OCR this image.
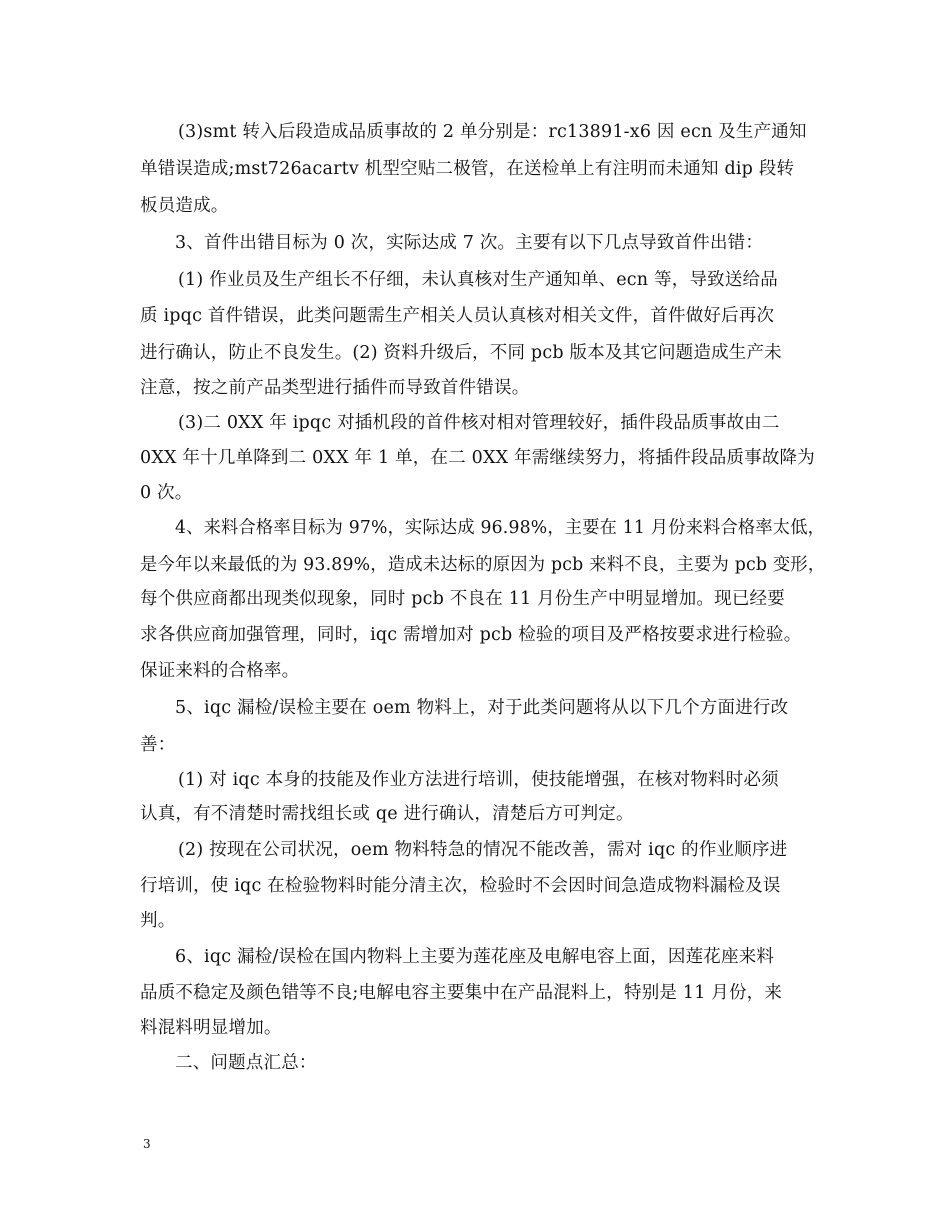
(3)smt 转入后段造成品质事故的 2 单分别是：rc13891-x6 因 ecn 及生产通知
单错误造成;mst726acartv 机型空贴二极管，在送检单上有注明而未通知 dip 段转
板员造成。
3、首件出错目标为 0 次，实际达成 7 次。主要有以下几点导致首件出错：
(1) 作业员及生产组长不仔细，未认真核对生产通知单、ecn 等，导致送给品
质 ipqc 首件错误，此类问题需生产相关人员认真核对相关文件，首件做好后再次
进行确认，防止不良发生。(2) 资料升级后，不同 pcb 版本及其它问题造成生产未
注意，按之前产品类型进行插件而导致首件错误。
(3)二 0XX 年 ipqc 对插机段的首件核对相对管理较好，插件段品质事故由二
0XX 年十几单降到二 0XX 年 1 单，在二 0XX 年需继续努力，将插件段品质事故降为
0 次。
4、来料合格率目标为 97%，实际达成 96.98%，主要在 11 月份来料合格率太低，
是今年以来最低的为 93.89%，造成未达标的原因为 pcb 来料不良，主要为 pcb 变形，
每个供应商都出现类似现象，同时 pcb 不良在 11 月份生产中明显增加。现已经要
求各供应商加强管理，同时，iqc 需增加对 pcb 检验的项目及严格按要求进行检验。
保证来料的合格率。
5、iqc 漏检/误检主要在 oem 物料上，对于此类问题将从以下几个方面进行改
善：
(1) 对 iqc 本身的技能及作业方法进行培训，使技能增强，在核对物料时必须
认真，有不清楚时需找组长或 qe 进行确认，清楚后方可判定。
(2) 按现在公司状况，oem 物料特急的情况不能改善，需对 iqc 的作业顺序进
行培训，使 iqc 在检验物料时能分清主次，检验时不会因时间急造成物料漏检及误
判。
6、iqc 漏检/误检在国内物料上主要为莲花座及电解电容上面，因莲花座来料
品质不稳定及颜色错等不良;电解电容主要集中在产品混料上，特别是 11 月份，来
料混料明显增加。
二、问题点汇总：
3
